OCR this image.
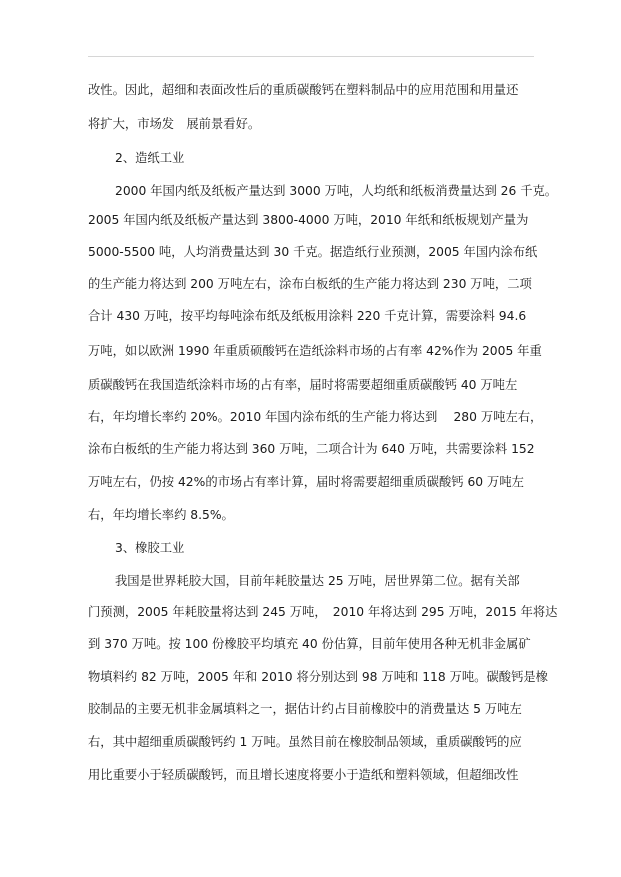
改性。因此，超细和表面改性后的重质碳酸钙在塑料制品中的应用范围和用量还
将扩大，市场发　展前景看好。
2、造纸工业
2000 年国内纸及纸板产量达到 3000 万吨，人均纸和纸板消费量达到 26 千克。
2005 年国内纸及纸板产量达到 3800-4000 万吨，2010 年纸和纸板规划产量为
5000-5500 吨，人均消费量达到 30 千克。据造纸行业预测，2005 年国内涂布纸
的生产能力将达到 200 万吨左右，涂布白板纸的生产能力将达到 230 万吨，二项
合计 430 万吨，按平均每吨涂布纸及纸板用涂料 220 千克计算，需要涂料 94.6
万吨，如以欧洲 1990 年重质硕酸钙在造纸涂料市场的占有率 42%作为 2005 年重
质碳酸钙在我国造纸涂料市场的占有率，届时将需要超细重质碳酸钙 40 万吨左
右，年均增长率约 20%。2010 年国内涂布纸的生产能力将达到　 280 万吨左右，
涂布白板纸的生产能力将达到 360 万吨，二项合计为 640 万吨，共需要涂料 152
万吨左右，仍按 42%的市场占有率计算，届时将需要超细重质碳酸钙 60 万吨左
右，年均增长率约 8.5%。
3、橡胶工业
我国是世界耗胶大国，目前年耗胶量达 25 万吨，居世界第二位。据有关部
门预测，2005 年耗胶量将达到 245 万吨，　2010 年将达到 295 万吨，2015 年将达
到 370 万吨。按 100 份橡胶平均填充 40 份估算，目前年使用各种无机非金属矿
物填料约 82 万吨，2005 年和 2010 将分别达到 98 万吨和 118 万吨。碳酸钙是橡
胶制品的主要无机非金属填料之一，据估计约占目前橡胶中的消费量达 5 万吨左
右，其中超细重质碳酸钙约 1 万吨。虽然目前在橡胶制品领域，重质碳酸钙的应
用比重要小于轻质碳酸钙，而且增长速度将要小于造纸和塑料领域，但超细改性
